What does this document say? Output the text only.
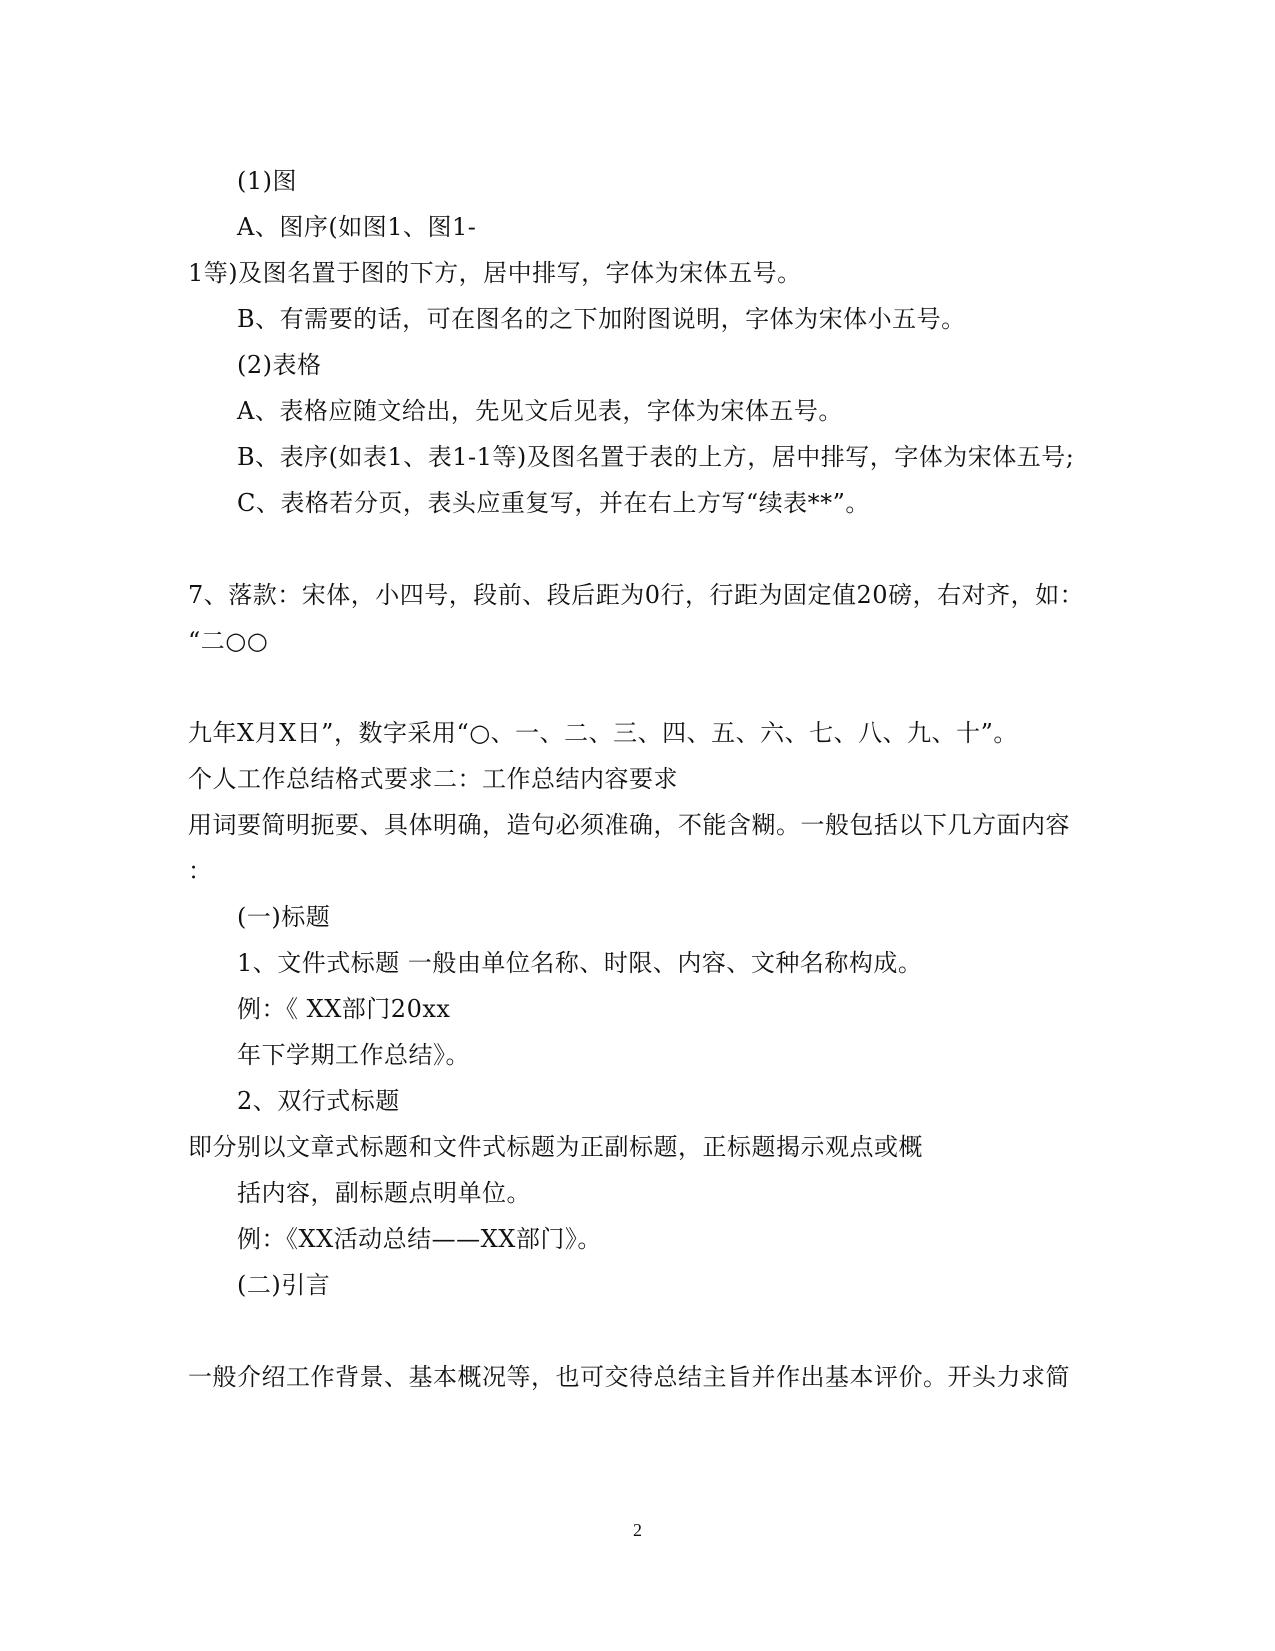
(1)图
A、图序(如图1、图1-
1等)及图名置于图的下方，居中排写，字体为宋体五号。
B、有需要的话，可在图名的之下加附图说明，字体为宋体小五号。
(2)表格
A、表格应随文给出，先见文后见表，字体为宋体五号。
B、表序(如表1、表1-1等)及图名置于表的上方，居中排写，字体为宋体五号;
C、表格若分页，表头应重复写，并在右上方写“续表**”。
7、落款：宋体，小四号，段前、段后距为0行，行距为固定值20磅，右对齐，如：
“二○○
九年X月X日”，数字采用“○、一、二、三、四、五、六、七、八、九、十”。
个人工作总结格式要求二：工作总结内容要求
用词要简明扼要、具体明确，造句必须准确，不能含糊。一般包括以下几方面内容
：
(一)标题
1、文件式标题 一般由单位名称、时限、内容、文种名称构成。
例：《 XX部门20xx
年下学期工作总结》。
2、双行式标题
即分别以文章式标题和文件式标题为正副标题，正标题揭示观点或概
括内容，副标题点明单位。
例：《XX活动总结——XX部门》。
(二)引言
一般介绍工作背景、基本概况等，也可交待总结主旨并作出基本评价。开头力求简
2
